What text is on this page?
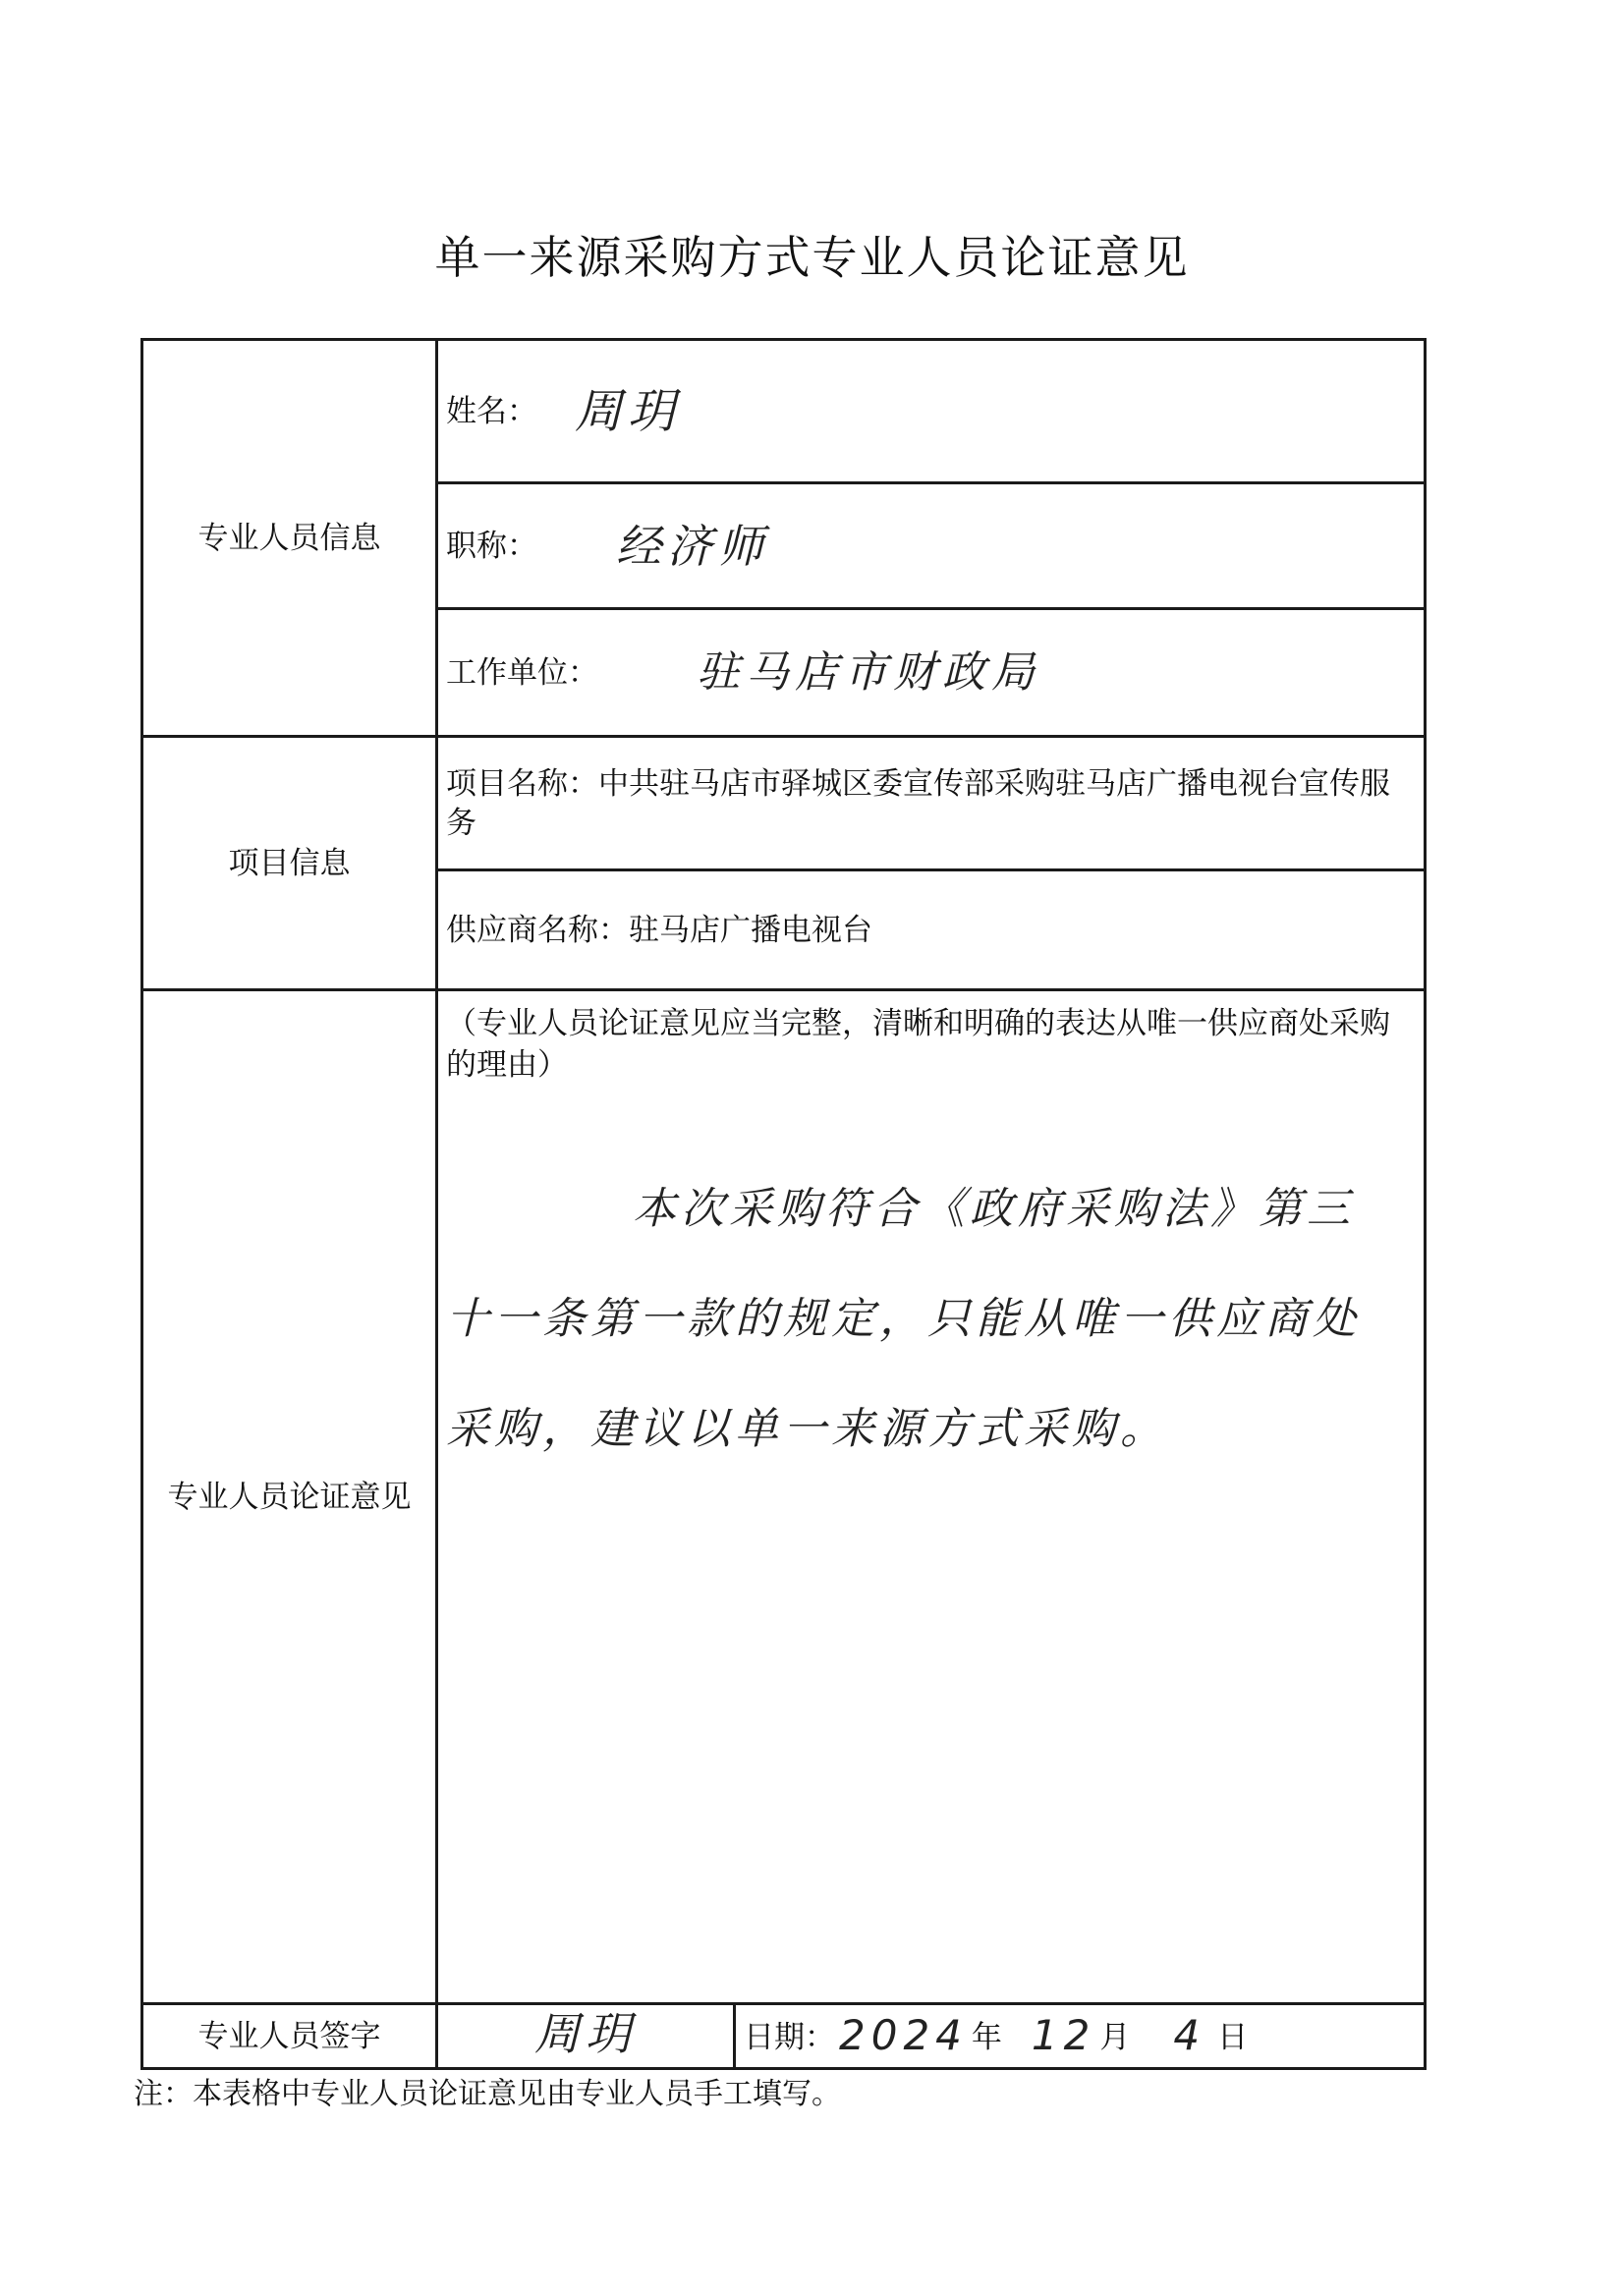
单一来源采购方式专业人员论证意见
专业人员信息	姓名： 周玥	
	职称： 经济师	
	工作单位： 驻马店市财政局	
项目信息	项目名称：中共驻马店市驿城区委宣传部采购驻马店广播电视台宣传服务	
	供应商名称：驻马店广播电视台	
专业人员论证意见	（专业人员论证意见应当完整，清晰和明确的表达从唯一供应商处采购的理由）
本次采购符合《政府采购法》第三十一条第一款的规定，只能从唯一供应商处采购，建议以单一来源方式采购。	

专业人员签字	周玥	日期：2024 年 12 月 4 日
注：本表格中专业人员论证意见由专业人员手工填写。
